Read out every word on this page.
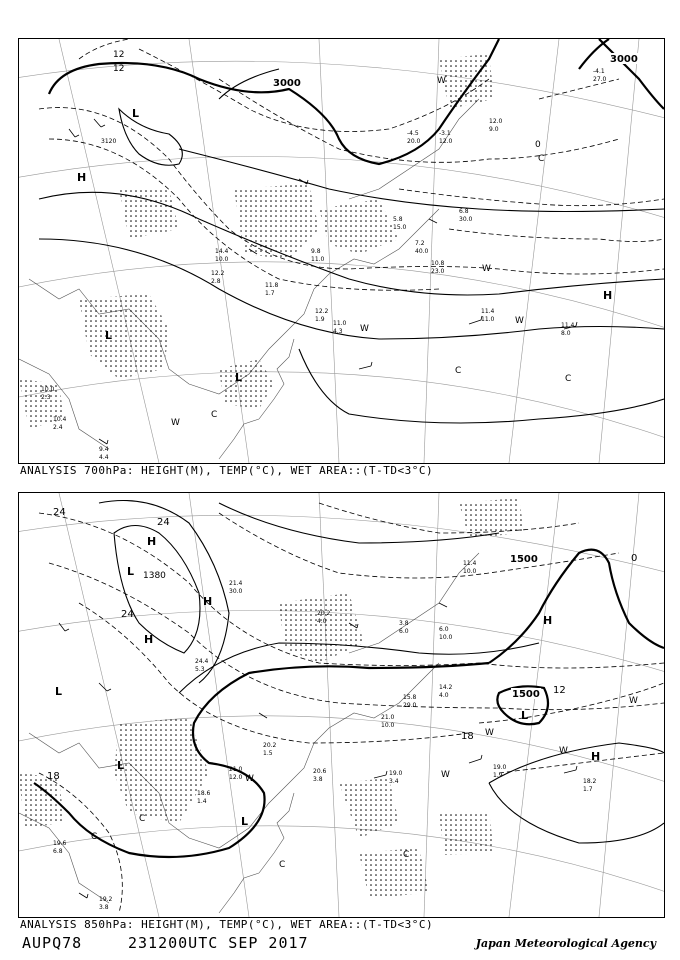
3000
3000
3120
12
12
0
L
H
L
H
L	C
C
C
C
W
W
W
W
W
11.4
11.0
11.4
8.0
12.2
1.9
11.0
4.3
10.8
23.0
7.2
40.0
5.8
15.0
9.8
11.0
11.8
1.7
10.0
2.3
10.4
2.4
9.4
4.4
12.2
2.8
14.4
10.0
6.8
30.0
-3.1
12.0
-4.5
20.0
-4.1
27.0
12.0
9.0
ANALYSIS 700hPa: HEIGHT(M), TEMP(°C), WET AREA::(T-TD<3°C)
1500
1500
1380
24
24
24
18
18
12
0
L
H
H
H
L
L
L
L
H
H
C
C
C
C
W
W
W
W
W
19.0
1.9
19.0
3.4	18.2
1.7
15.8
29.0
14.2
4.0
21.0
10.0
20.2
1.5
21.0
12.0
20.6
3.8
19.6
6.8
19.2
3.8
18.6
1.4
11.4
10.0
6.0
10.0
3.8
6.0
21.4
30.0
20.2
4.0
24.4
5.3
ANALYSIS 850hPa: HEIGHT(M), TEMP(°C), WET AREA::(T-TD<3°C)
AUPQ78	231200UTC SEP 2017	Japan Meteorological Agency
